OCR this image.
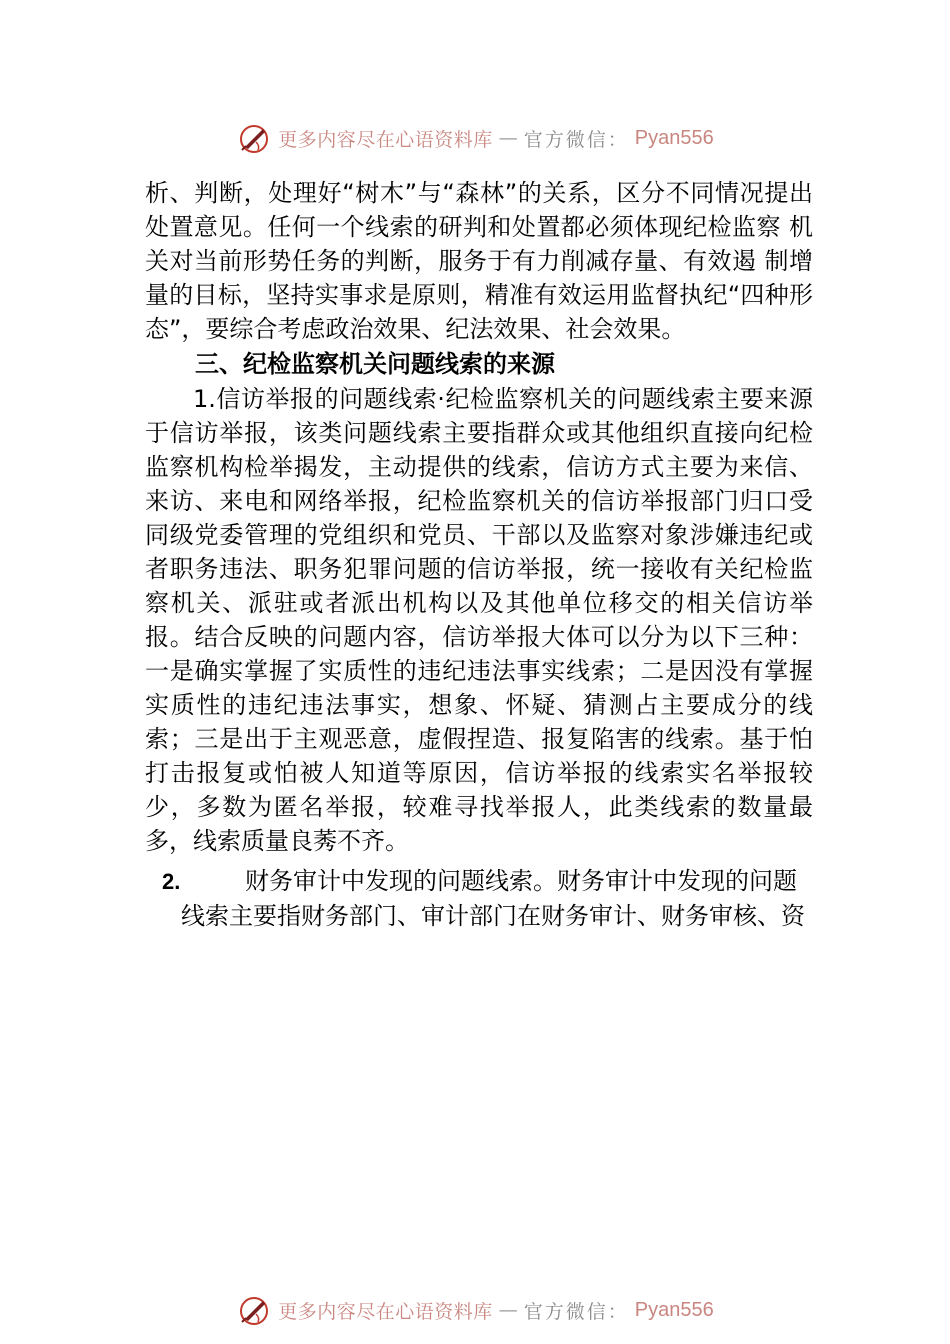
更多内容尽在心语资料库 — 官方微信： Pyan556

析、判断，处理好“树木”与“森林”的关系，区分不同情况提出处置意见。任何一个线索的研判和处置都必须体现纪检监察 机关对当前形势任务的判断，服务于有力削减存量、有效遏 制增量的目标，坚持实事求是原则，精准有效运用监督执纪“四种形态”，要综合考虑政治效果、纪法效果、社会效果。

三、纪检监察机关问题线索的来源

1.信访举报的问题线索·纪检监察机关的问题线索主要来源于信访举报，该类问题线索主要指群众或其他组织直接向纪检监察机构检举揭发，主动提供的线索，信访方式主要为来信、来访、来电和网络举报，纪检监察机关的信访举报部门归口受同级党委管理的党组织和党员、干部以及监察对象涉嫌违纪或者职务违法、职务犯罪问题的信访举报，统一接收有关纪检监察机关、派驻或者派出机构以及其他单位移交的相关信访举报。结合反映的问题内容，信访举报大体可以分为以下三种：一是确实掌握了实质性的违纪违法事实线索；二是因没有掌握实质性的违纪违法事实，想象、怀疑、猜测占主要成分的线索；三是出于主观恶意，虚假捏造、报复陷害的线索。基于怕打击报复或怕被人知道等原因，信访举报的线索实名举报较少，多数为匿名举报，较难寻找举报人，此类线索的数量最多，线索质量良莠不齐。

2.	财务审计中发现的问题线索。财务审计中发现的问题
线索主要指财务部门、审计部门在财务审计、财务审核、资
更多内容尽在心语资料库 — 官方微信： Pyan556
